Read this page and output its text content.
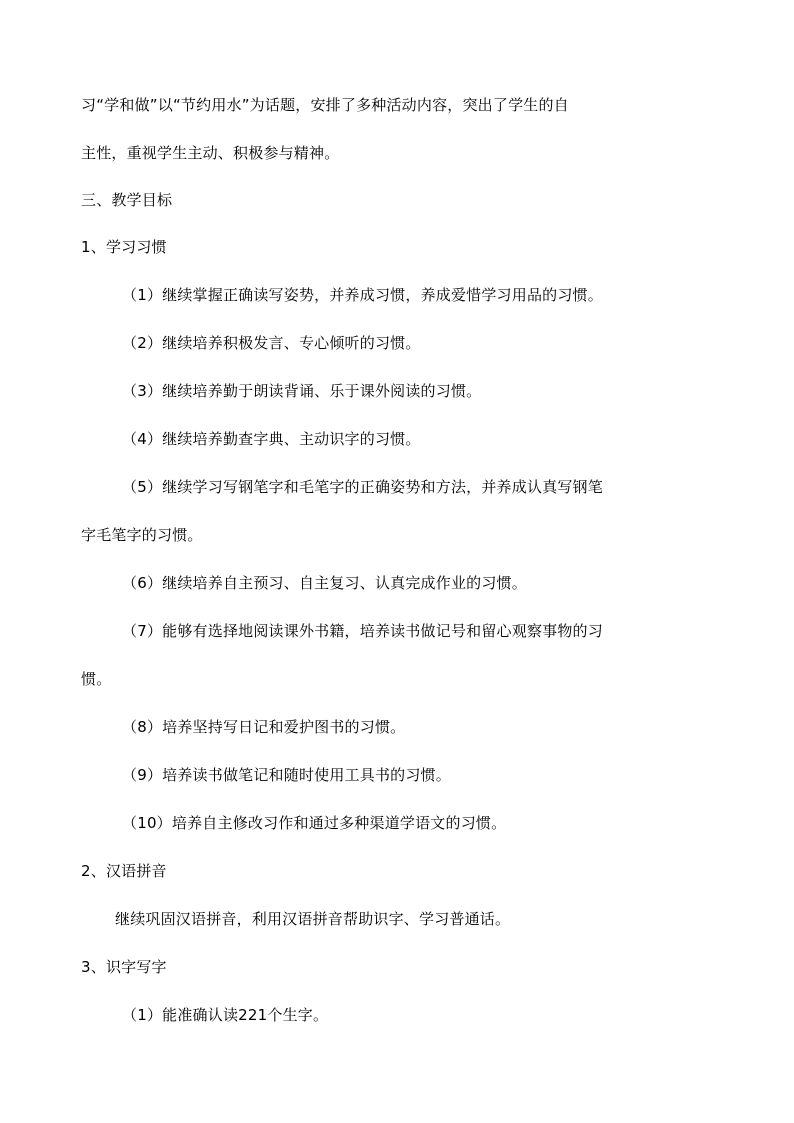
习“学和做”以“节约用水”为话题，安排了多种活动内容，突出了学生的自
主性，重视学生主动、积极参与精神。
三、教学目标
1、学习习惯
（1）继续掌握正确读写姿势，并养成习惯，养成爱惜学习用品的习惯。
（2）继续培养积极发言、专心倾听的习惯。
（3）继续培养勤于朗读背诵、乐于课外阅读的习惯。
（4）继续培养勤查字典、主动识字的习惯。
（5）继续学习写钢笔字和毛笔字的正确姿势和方法，并养成认真写钢笔
字毛笔字的习惯。
（6）继续培养自主预习、自主复习、认真完成作业的习惯。
（7）能够有选择地阅读课外书籍，培养读书做记号和留心观察事物的习
惯。
（8）培养坚持写日记和爱护图书的习惯。
（9）培养读书做笔记和随时使用工具书的习惯。
（10）培养自主修改习作和通过多种渠道学语文的习惯。
2、汉语拼音
继续巩固汉语拼音，利用汉语拼音帮助识字、学习普通话。
3、识字写字
（1）能准确认读221个生字。
